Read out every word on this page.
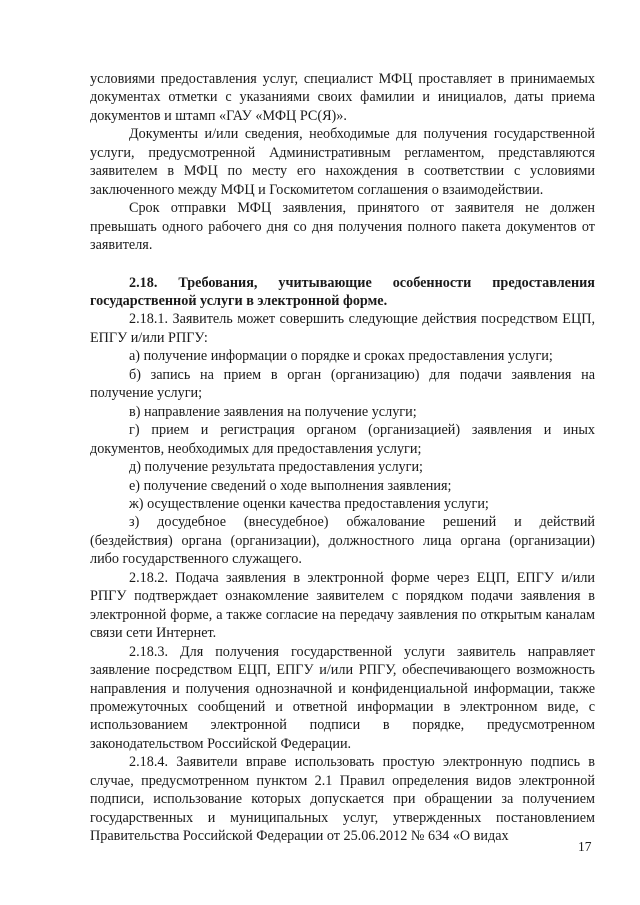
условиями предоставления услуг, специалист МФЦ проставляет в принимаемых документах отметки с указаниями своих фамилии и инициалов, даты приема документов и штамп «ГАУ «МФЦ РС(Я)».

Документы и/или сведения, необходимые для получения государственной услуги, предусмотренной Административным регламентом, представляются заявителем в МФЦ по месту его нахождения в соответствии с условиями заключенного между МФЦ и Госкомитетом соглашения о взаимодействии.

Срок отправки МФЦ заявления, принятого от заявителя не должен превышать одного рабочего дня со дня получения полного пакета документов от заявителя.

2.18. Требования, учитывающие особенности предоставления государственной услуги в электронной форме.

2.18.1. Заявитель может совершить следующие действия посредством ЕЦП, ЕПГУ и/или РПГУ:

а) получение информации о порядке и сроках предоставления услуги;

б) запись на прием в орган (организацию) для подачи заявления на получение услуги;

в) направление заявления на получение услуги;

г) прием и регистрация органом (организацией) заявления и иных документов, необходимых для предоставления услуги;

д) получение результата предоставления услуги;

е) получение сведений о ходе выполнения заявления;

ж) осуществление оценки качества предоставления услуги;

з) досудебное (внесудебное) обжалование решений и действий (бездействия) органа (организации), должностного лица органа (организации) либо государственного служащего.

2.18.2. Подача заявления в электронной форме через ЕЦП, ЕПГУ и/или РПГУ подтверждает ознакомление заявителем с порядком подачи заявления в электронной форме, а также согласие на передачу заявления по открытым каналам связи сети Интернет.

2.18.3. Для получения государственной услуги заявитель направляет заявление посредством ЕЦП, ЕПГУ и/или РПГУ, обеспечивающего возможность направления и получения однозначной и конфиденциальной информации, также промежуточных сообщений и ответной информации в электронном виде, с использованием электронной подписи в порядке, предусмотренном законодательством Российской Федерации.

2.18.4. Заявители вправе использовать простую электронную подпись в случае, предусмотренном пунктом 2.1 Правил определения видов электронной подписи, использование которых допускается при обращении за получением государственных и муниципальных услуг, утвержденных постановлением Правительства Российской Федерации от 25.06.2012 № 634 «О видах

17
